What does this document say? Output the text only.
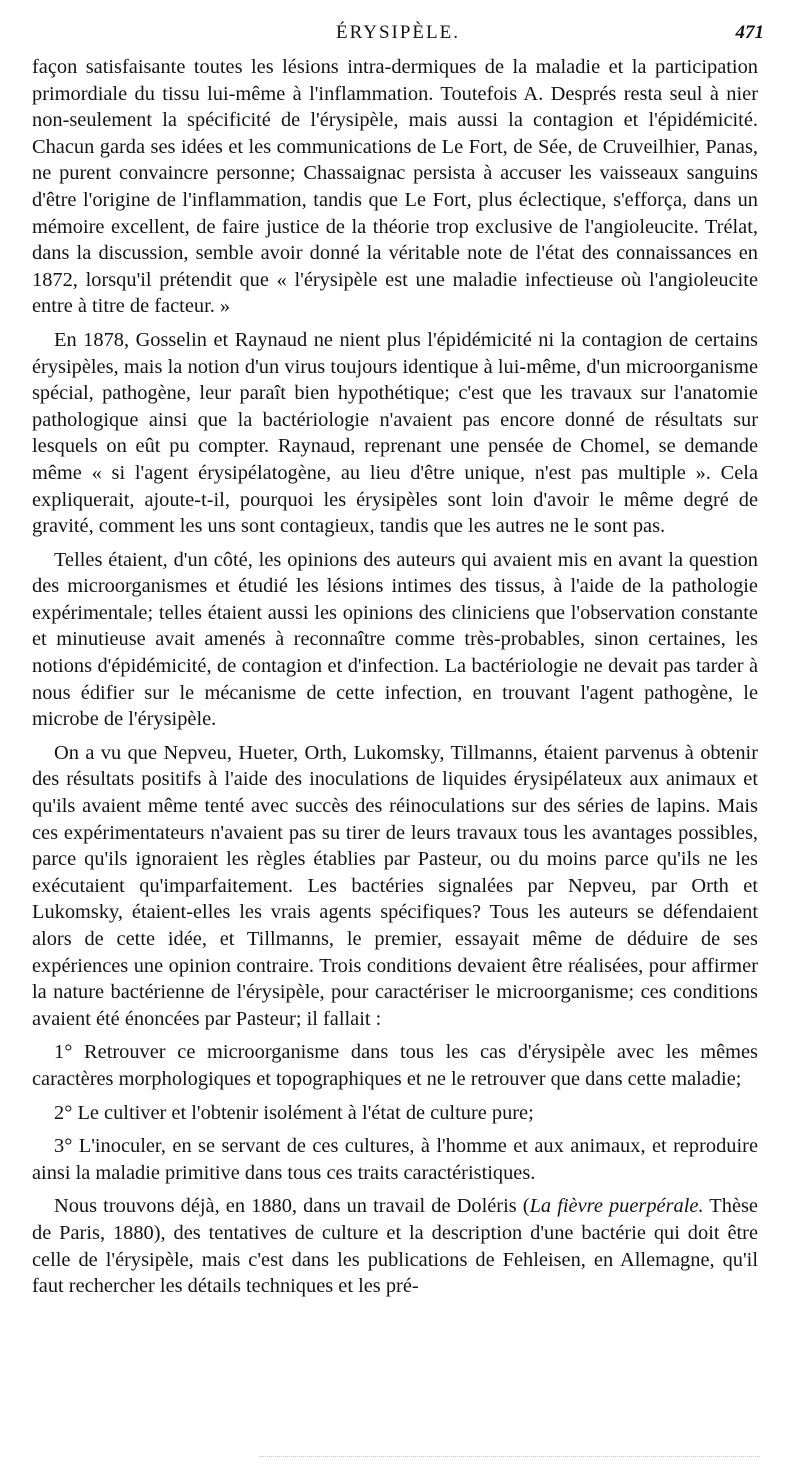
ÉRYSIPÈLE.	471

façon satisfaisante toutes les lésions intra-dermiques de la maladie et la participation primordiale du tissu lui-même à l'inflammation. Toutefois A. Després resta seul à nier non-seulement la spécificité de l'érysipèle, mais aussi la contagion et l'épidémicité. Chacun garda ses idées et les communications de Le Fort, de Sée, de Cruveilhier, Panas, ne purent convaincre personne; Chassaignac persista à accuser les vaisseaux sanguins d'être l'origine de l'inflammation, tandis que Le Fort, plus éclectique, s'efforça, dans un mémoire excellent, de faire justice de la théorie trop exclusive de l'angioleucite. Trélat, dans la discussion, semble avoir donné la véritable note de l'état des connaissances en 1872, lorsqu'il prétendit que « l'érysipèle est une maladie infectieuse où l'angioleucite entre à titre de facteur. »

En 1878, Gosselin et Raynaud ne nient plus l'épidémicité ni la contagion de certains érysipèles, mais la notion d'un virus toujours identique à lui-même, d'un microorganisme spécial, pathogène, leur paraît bien hypothétique; c'est que les travaux sur l'anatomie pathologique ainsi que la bactériologie n'avaient pas encore donné de résultats sur lesquels on eût pu compter. Raynaud, reprenant une pensée de Chomel, se demande même « si l'agent érysipélatogène, au lieu d'être unique, n'est pas multiple ». Cela expliquerait, ajoute-t-il, pourquoi les érysipèles sont loin d'avoir le même degré de gravité, comment les uns sont contagieux, tandis que les autres ne le sont pas.

Telles étaient, d'un côté, les opinions des auteurs qui avaient mis en avant la question des microorganismes et étudié les lésions intimes des tissus, à l'aide de la pathologie expérimentale; telles étaient aussi les opinions des cliniciens que l'observation constante et minutieuse avait amenés à reconnaître comme très-probables, sinon certaines, les notions d'épidémicité, de contagion et d'infection. La bactériologie ne devait pas tarder à nous édifier sur le mécanisme de cette infection, en trouvant l'agent pathogène, le microbe de l'érysipèle.

On a vu que Nepveu, Hueter, Orth, Lukomsky, Tillmanns, étaient parvenus à obtenir des résultats positifs à l'aide des inoculations de liquides érysipélateux aux animaux et qu'ils avaient même tenté avec succès des réinoculations sur des séries de lapins. Mais ces expérimentateurs n'avaient pas su tirer de leurs travaux tous les avantages possibles, parce qu'ils ignoraient les règles établies par Pasteur, ou du moins parce qu'ils ne les exécutaient qu'imparfaitement. Les bactéries signalées par Nepveu, par Orth et Lukomsky, étaient-elles les vrais agents spécifiques? Tous les auteurs se défendaient alors de cette idée, et Tillmanns, le premier, essayait même de déduire de ses expériences une opinion contraire. Trois conditions devaient être réalisées, pour affirmer la nature bactérienne de l'érysipèle, pour caractériser le microorganisme; ces conditions avaient été énoncées par Pasteur; il fallait :

1° Retrouver ce microorganisme dans tous les cas d'érysipèle avec les mêmes caractères morphologiques et topographiques et ne le retrouver que dans cette maladie;

2° Le cultiver et l'obtenir isolément à l'état de culture pure;

3° L'inoculer, en se servant de ces cultures, à l'homme et aux animaux, et reproduire ainsi la maladie primitive dans tous ces traits caractéristiques.

Nous trouvons déjà, en 1880, dans un travail de Doléris (La fièvre puerpérale. Thèse de Paris, 1880), des tentatives de culture et la description d'une bactérie qui doit être celle de l'érysipèle, mais c'est dans les publications de Fehleisen, en Allemagne, qu'il faut rechercher les détails techniques et les pré-
